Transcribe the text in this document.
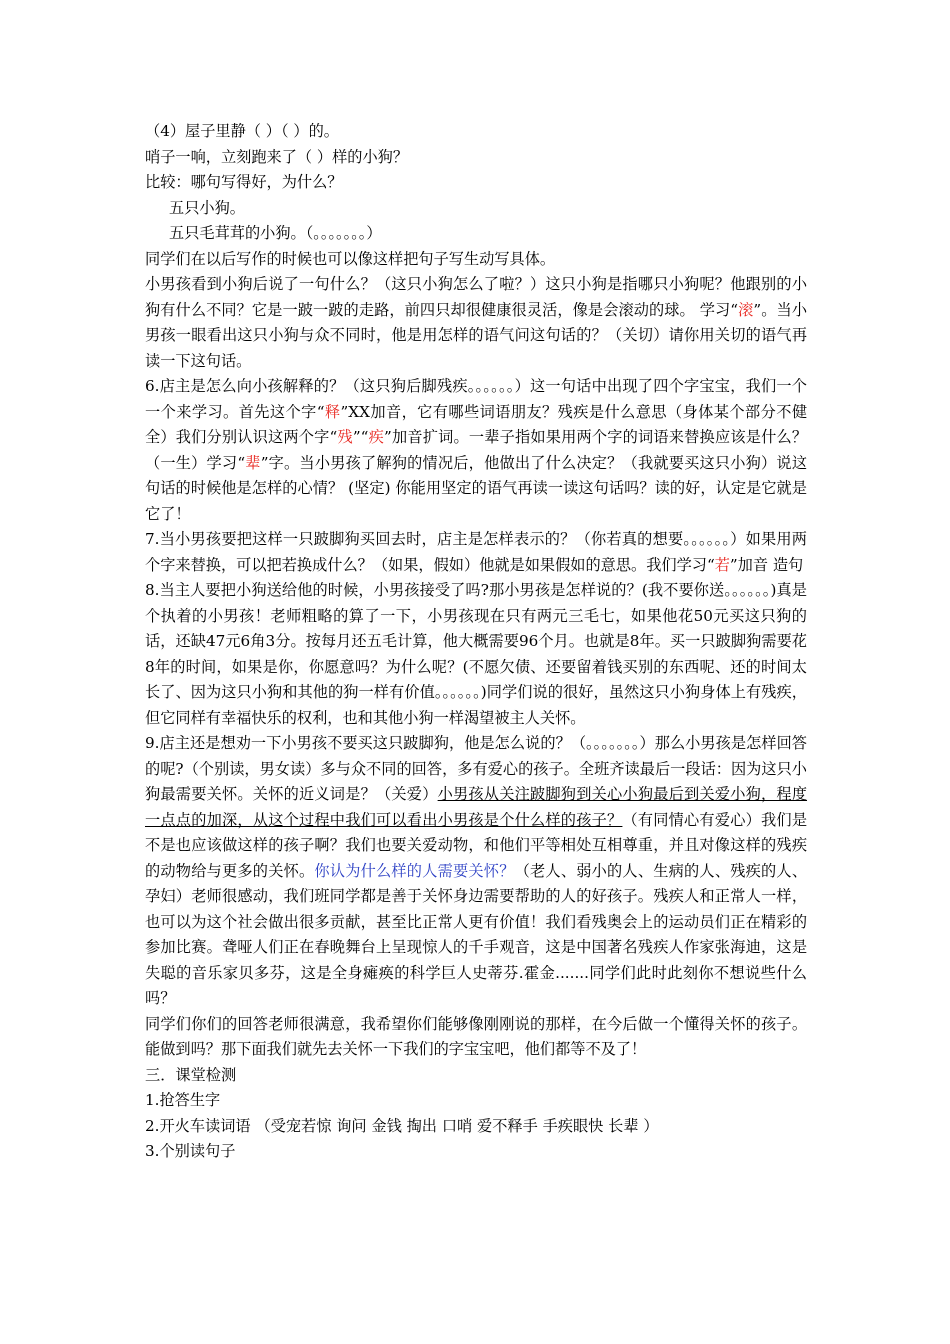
（4）屋子里静（ ）（ ）的。

哨子一响，立刻跑来了（ ）样的小狗？

比较：哪句写得好，为什么？

五只小狗。

五只毛茸茸的小狗。（。。。。。。。）

同学们在以后写作的时候也可以像这样把句子写生动写具体。

小男孩看到小狗后说了一句什么？（这只小狗怎么了啦？）这只小狗是指哪只小狗呢？他跟别的小狗有什么不同？它是一跛一跛的走路，前四只却很健康很灵活，像是会滚动的球。 学习“滚”。当小男孩一眼看出这只小狗与众不同时，他是用怎样的语气问这句话的？（关切）请你用关切的语气再读一下这句话。

6.店主是怎么向小孩解释的？（这只狗后脚残疾。。。。。。）这一句话中出现了四个字宝宝，我们一个一个来学习。首先这个字“释”XX加音，它有哪些词语朋友？残疾是什么意思（身体某个部分不健全）我们分别认识这两个字“残”“疾”加音扩词。一辈子指如果用两个字的词语来替换应该是什么？（一生）学习“辈”字。当小男孩了解狗的情况后，他做出了什么决定？（我就要买这只小狗）说这句话的时候他是怎样的心情？ (坚定) 你能用坚定的语气再读一读这句话吗？读的好，认定是它就是它了！

7.当小男孩要把这样一只跛脚狗买回去时，店主是怎样表示的？（你若真的想要。。。。。。）如果用两个字来替换，可以把若换成什么？（如果，假如）他就是如果假如的意思。我们学习“若”加音 造句

8.当主人要把小狗送给他的时候，小男孩接受了吗?那小男孩是怎样说的？(我不要你送。。。。。。)真是个执着的小男孩！老师粗略的算了一下，小男孩现在只有两元三毛七，如果他花50元买这只狗的话，还缺47元6角3分。按每月还五毛计算，他大概需要96个月。也就是8年。买一只跛脚狗需要花8年的时间，如果是你，你愿意吗？为什么呢？(不愿欠债、还要留着钱买别的东西呢、还的时间太长了、因为这只小狗和其他的狗一样有价值。。。。。。)同学们说的很好，虽然这只小狗身体上有残疾，但它同样有幸福快乐的权利，也和其他小狗一样渴望被主人关怀。

9.店主还是想劝一下小男孩不要买这只跛脚狗，他是怎么说的？（。。。。。。。）那么小男孩是怎样回答的呢?（个别读，男女读）多与众不同的回答，多有爱心的孩子。全班齐读最后一段话：因为这只小狗最需要关怀。关怀的近义词是？（关爱）小男孩从关注跛脚狗到关心小狗最后到关爱小狗，程度一点点的加深，从这个过程中我们可以看出小男孩是个什么样的孩子？（有同情心有爱心）我们是不是也应该做这样的孩子啊？我们也要关爱动物，和他们平等相处互相尊重，并且对像这样的残疾的动物给与更多的关怀。你认为什么样的人需要关怀？（老人、弱小的人、生病的人、残疾的人、孕妇）老师很感动，我们班同学都是善于关怀身边需要帮助的人的好孩子。残疾人和正常人一样，也可以为这个社会做出很多贡献，甚至比正常人更有价值！我们看残奥会上的运动员们正在精彩的参加比赛。聋哑人们正在春晚舞台上呈现惊人的千手观音，这是中国著名残疾人作家张海迪，这是失聪的音乐家贝多芬，这是全身瘫痪的科学巨人史蒂芬.霍金.......同学们此时此刻你不想说些什么吗？

同学们你们的回答老师很满意，我希望你们能够像刚刚说的那样，在今后做一个懂得关怀的孩子。能做到吗？那下面我们就先去关怀一下我们的字宝宝吧，他们都等不及了！

三．课堂检测

1.抢答生字

2.开火车读词语 （受宠若惊 询问 金钱 掏出 口哨 爱不释手 手疾眼快 长辈 ）

3.个别读句子
